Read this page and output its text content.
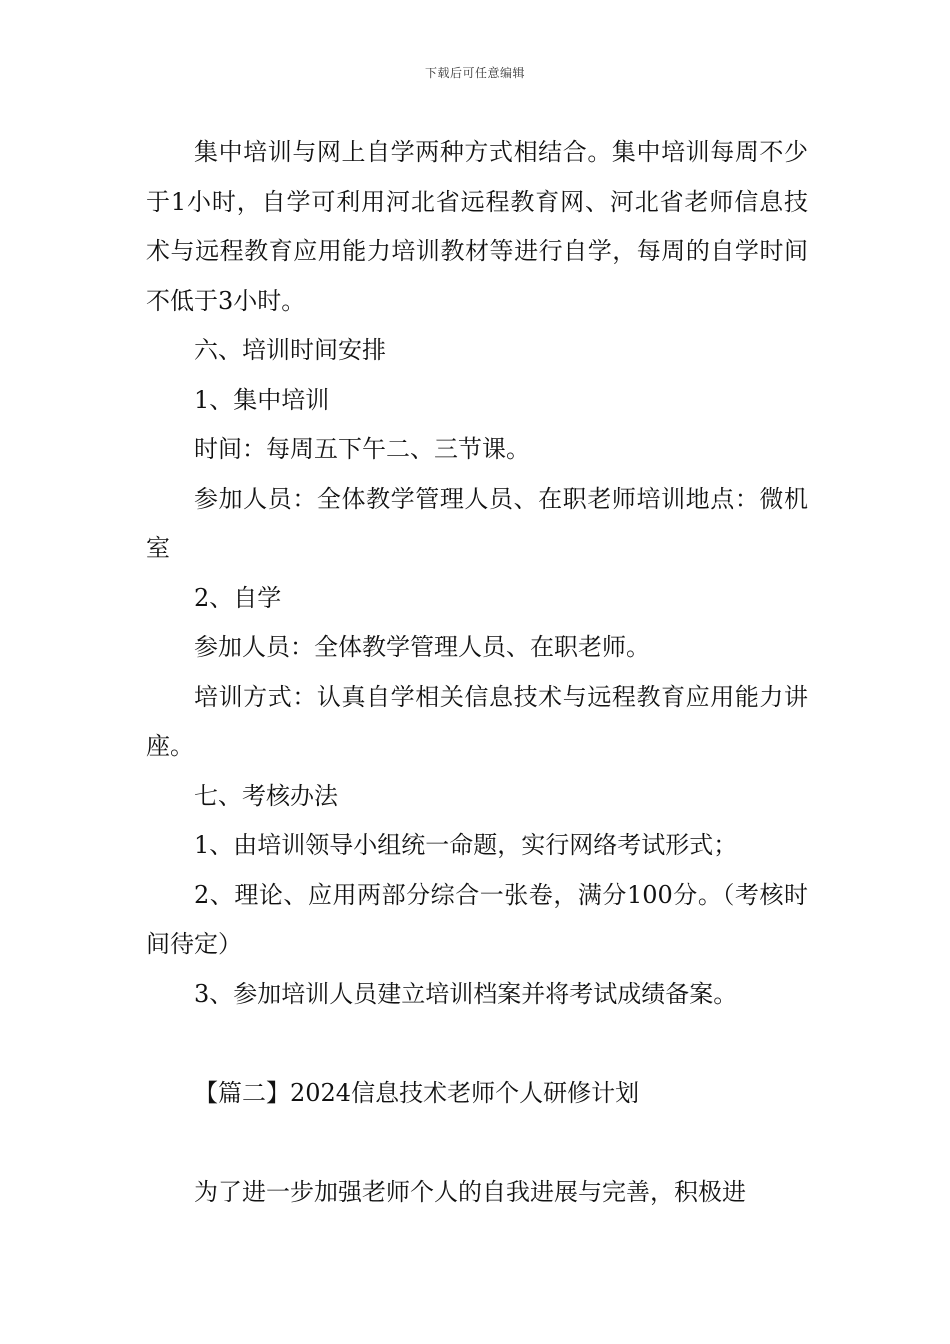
下载后可任意编辑

集中培训与网上自学两种方式相结合。集中培训每周不少于1小时，自学可利用河北省远程教育网、河北省老师信息技术与远程教育应用能力培训教材等进行自学，每周的自学时间不低于3小时。

六、培训时间安排

1、集中培训

时间：每周五下午二、三节课。

参加人员：全体教学管理人员、在职老师培训地点：微机室

2、自学

参加人员：全体教学管理人员、在职老师。

培训方式：认真自学相关信息技术与远程教育应用能力讲座。

七、考核办法

1、由培训领导小组统一命题，实行网络考试形式；

2、理论、应用两部分综合一张卷，满分100分。（考核时间待定）

3、参加培训人员建立培训档案并将考试成绩备案。

【篇二】2024信息技术老师个人研修计划

为了进一步加强老师个人的自我进展与完善，积极进
